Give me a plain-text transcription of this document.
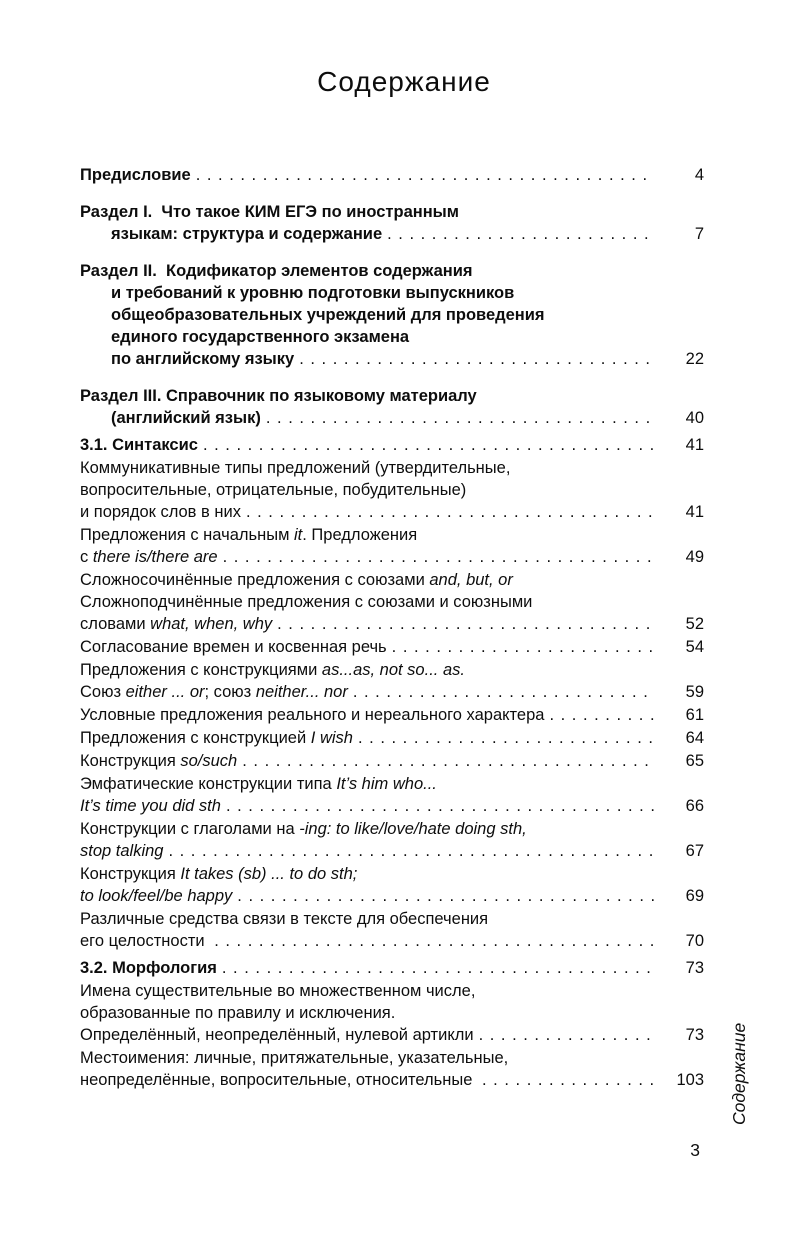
Содержание
Предисловие . . .	4
Раздел I.  Что такое КИМ ЕГЭ по иностранным
языкам: структура и содержание . . .	7
Раздел II.  Кодификатор элементов содержания
и требований к уровню подготовки выпускников
общеобразовательных учреждений для проведения
единого государственного экзамена
по английскому языку . . .	22
Раздел III. Справочник по языковому материалу
(английский язык) . . .	40
3.1. Синтаксис . . .	41
Коммуникативные типы предложений (утвердительные,
вопросительные, отрицательные, побудительные)
и порядок слов в них . . .	41
Предложения с начальным it. Предложения
с there is/there are . . .	49
Сложносочинённые предложения с союзами and, but, or
Сложноподчинённые предложения с союзами и союзными
словами what, when, why . . .	52
Согласование времен и косвенная речь . . .	54
Предложения с конструкциями as...as, not so... as.
Союз either ... or; союз neither... nor . . .	59
Условные предложения реального и нереального характера . . .	61
Предложения с конструкцией I wish . . .	64
Конструкция so/such . . .	65
Эмфатические конструкции типа It’s him who...
It’s time you did sth . . .	66
Конструкции с глаголами на -ing: to like/love/hate doing sth,
stop talking . . .	67
Конструкция It takes (sb) ... to do sth;
to look/feel/be happy . . .	69
Различные средства связи в тексте для обеспечения
его целостности . . .	70
3.2. Морфология . . .	73
Имена существительные во множественном числе,
образованные по правилу и исключения.
Определённый, неопределённый, нулевой артикли . . .	73
Местоимения: личные, притяжательные, указательные,
неопределённые, вопросительные, относительные . . .	103 Содержание
3
